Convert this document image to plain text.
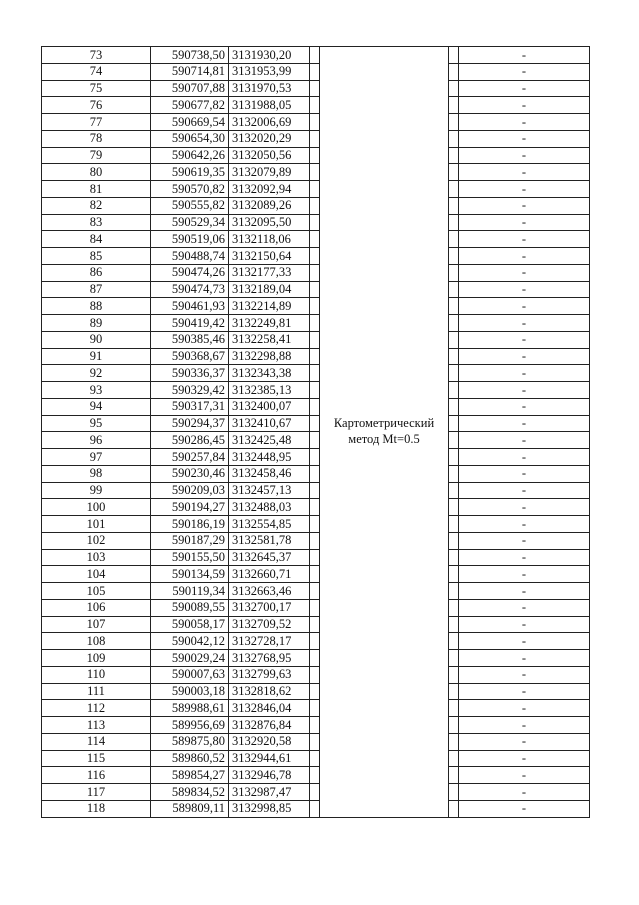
73	590738,50	3131930,20		Картометрический метод Mt=0.5		-
74	590714,81	3131953,99				-
75	590707,88	3131970,53				-
76	590677,82	3131988,05				-
77	590669,54	3132006,69				-
78	590654,30	3132020,29				-
79	590642,26	3132050,56				-
80	590619,35	3132079,89				-
81	590570,82	3132092,94				-
82	590555,82	3132089,26				-
83	590529,34	3132095,50				-
84	590519,06	3132118,06				-
85	590488,74	3132150,64				-
86	590474,26	3132177,33				-
87	590474,73	3132189,04				-
88	590461,93	3132214,89				-
89	590419,42	3132249,81				-
90	590385,46	3132258,41				-
91	590368,67	3132298,88				-
92	590336,37	3132343,38				-
93	590329,42	3132385,13				-
94	590317,31	3132400,07				-
95	590294,37	3132410,67				-
96	590286,45	3132425,48				-
97	590257,84	3132448,95				-
98	590230,46	3132458,46				-
99	590209,03	3132457,13				-
100	590194,27	3132488,03				-
101	590186,19	3132554,85				-
102	590187,29	3132581,78				-
103	590155,50	3132645,37				-
104	590134,59	3132660,71				-
105	590119,34	3132663,46				-
106	590089,55	3132700,17				-
107	590058,17	3132709,52				-
108	590042,12	3132728,17				-
109	590029,24	3132768,95				-
110	590007,63	3132799,63				-
111	590003,18	3132818,62				-
112	589988,61	3132846,04				-
113	589956,69	3132876,84				-
114	589875,80	3132920,58				-
115	589860,52	3132944,61				-
116	589854,27	3132946,78				-
117	589834,52	3132987,47				-
118	589809,11	3132998,85				-
